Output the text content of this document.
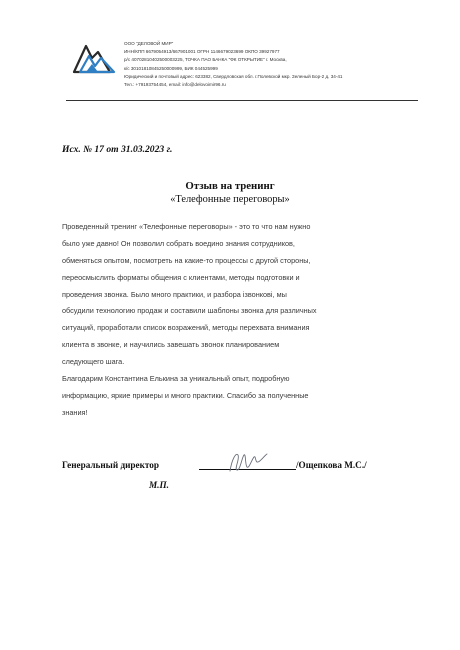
ООО "ДЕЛОВОЙ МИР"
ИНН/КПП 6679054913/667901001 ОГРН 1146679023699 ОКПО 39927977
р/с 40702810402500003225, ТОЧКА ПАО БАНКА "ФК ОТКРЫТИЕ" г. Москва,
к/с 30101810845250000999, БИК 044525999
Юридический и почтовый адрес: 623382, Свердловская обл. г.Полевской мкр. Зеленый Бор-2 д. 34-41
Тел.: +79193754454, email: info@delovoimir96.ru
Исх. № 17 от 31.03.2023 г.
Отзыв на тренинг
«Телефонные переговоры»
Проведенный тренинг «Телефонные переговоры» - это то что нам нужно
было уже давно! Он позволил собрать воедино знания сотрудников,
обменяться опытом, посмотреть на какие-то процессы с другой стороны,
переосмыслить форматы общения с клиентами, методы подготовки и
проведения звонка. Было много практики, и разбора ізвонкові, мы
обсудили технологию продаж и составили шаблоны звонка для различных
ситуаций, проработали список возражений, методы перехвата внимания
клиента в звонке, и научились завешать звонок планированием
следующего шага.
Благодарим Константина Елькина за уникальный опыт, подробную
информацию, яркие примеры и много практики. Спасибо за полученные
знания!
Генеральный директор	/Ощепкова М.С./
М.П.
